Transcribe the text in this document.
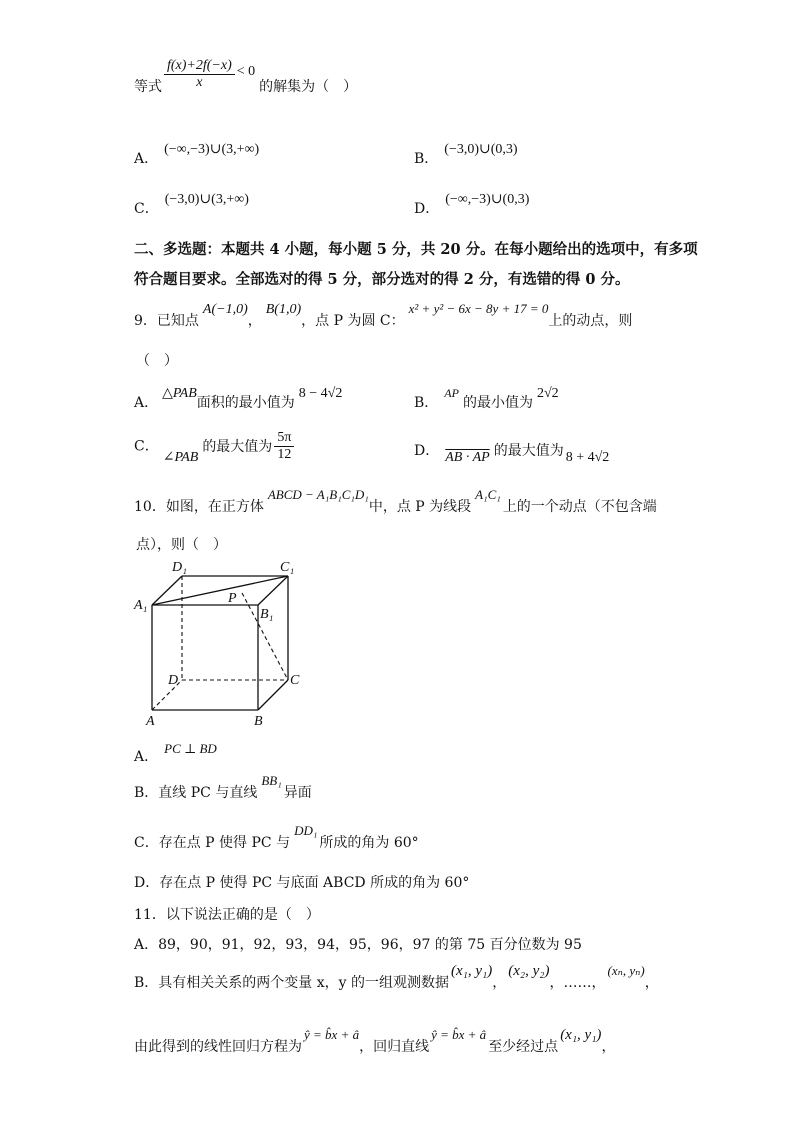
等式 $\frac{f(x)+2f(-x)}{x} < 0$的解集为（　）
A．(−∞,−3)∪(3,+∞)
B．(−3,0)∪(0,3)
C．(−3,0)∪(3,+∞)
D．(−∞,−3)∪(0,3)
二、多选题：本题共 4 小题，每小题 5 分，共 20 分。在每小题给出的选项中，有多项
符合题目要求。全部选对的得 5 分，部分选对的得 2 分，有选错的得 0 分。
9．已知点A(−1,0)，B(1,0)，点 P 为圆 C：x² + y² − 6x − 8y + 17 = 0上的动点，则
（　）
A．△PAB面积的最小值为8 − 4√2
B．AP的最小值为2√2
C．∠PAB的最大值为 $\frac{5\pi}{12}$	D． AB · AP 的最大值为 8 + 4√2
10．如图，在正方体ABCD − A₁B₁C₁D₁中，点 P 为线段A₁C₁上的一个动点（不包含端
点），则（　）
D₁	C₁
A₁
B₁
P
D	C
A	B
A．PC ⊥ BD
B．直线 PC 与直线BB₁异面
C．存在点 P 使得 PC 与DD₁所成的角为 60°
D．存在点 P 使得 PC 与底面 ABCD 所成的角为 60°
11．以下说法正确的是（　）
A．89，90，91，92，93，94，95，96，97 的第 75 百分位数为 95
B．具有相关关系的两个变量 x，y 的一组观测数据(x₁, y₁)，(x₂, y₂)，……，(xₙ, yₙ)，
由此得到的线性回归方程为ŷ = b̂x + â，回归直线ŷ = b̂x + â至少经过点(x₁, y₁)，
